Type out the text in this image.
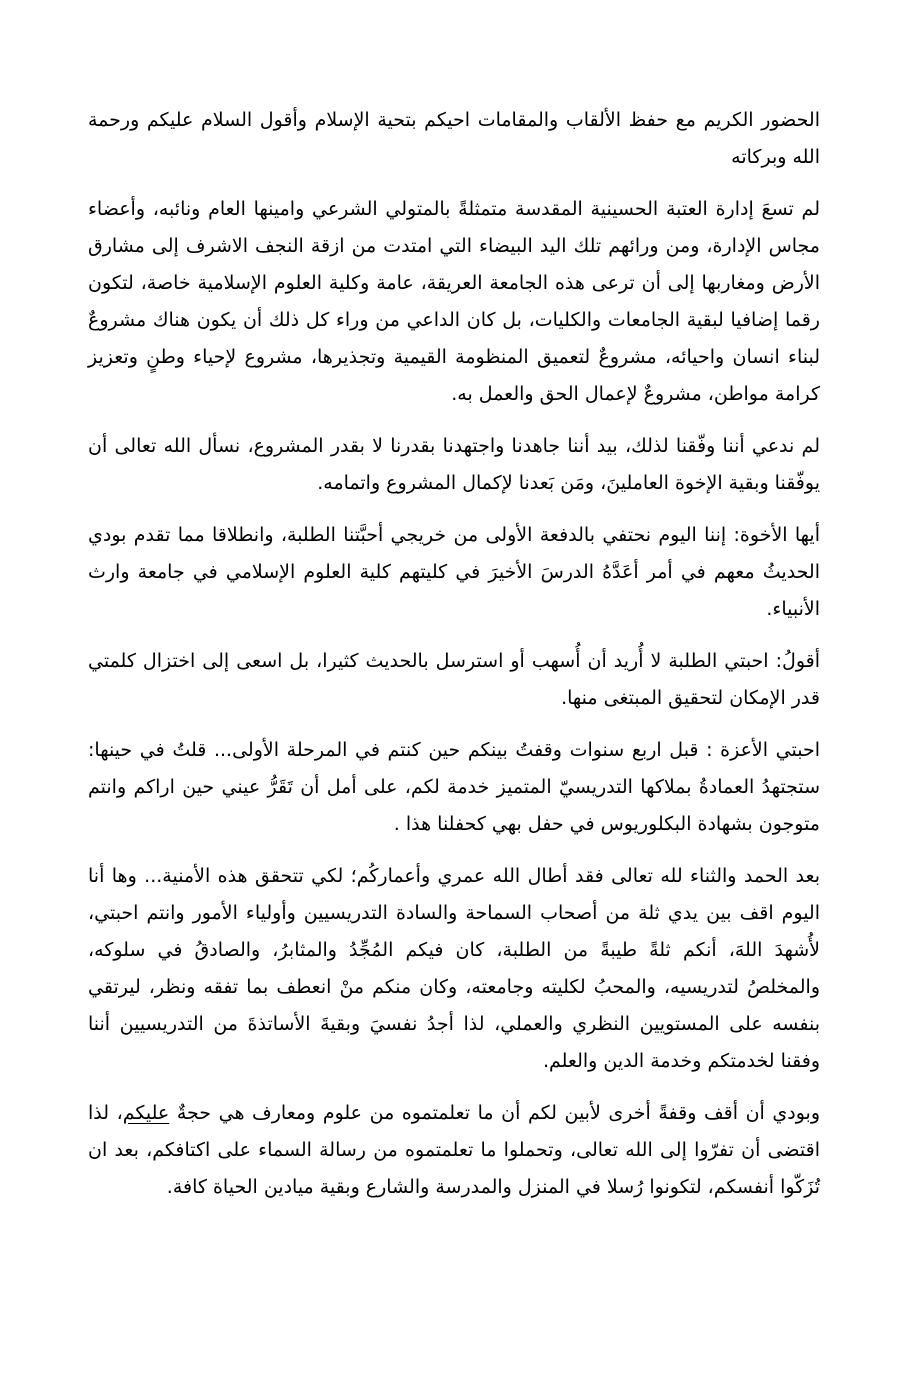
الحضور الكريم مع حفظ الألقاب والمقامات احيكم بتحية الإسلام وأقول السلام عليكم ورحمة الله وبركاته

لم تسعَ إدارة العتبة الحسينية المقدسة متمثلةً بالمتولي الشرعي وامينها العام ونائبه، وأعضاء مجاس الإدارة، ومن ورائهم تلك اليد البيضاء التي امتدت من ازقة النجف الاشرف إلى مشارق الأرض ومغاربها إلى أن ترعى هذه الجامعة العريقة، عامة وكلية العلوم الإسلامية خاصة، لتكون رقما إضافيا لبقية الجامعات والكليات، بل كان الداعي من وراء كل ذلك أن يكون هناك مشروعٌ لبناء انسان واحيائه، مشروعٌ لتعميق المنظومة القيمية وتجذيرها، مشروع لإحياء وطنٍ وتعزيز كرامة مواطن، مشروعٌ لإعمال الحق والعمل به.

لم ندعي أننا وفّقنا لذلك، بيد أننا جاهدنا واجتهدنا بقدرنا لا بقدر المشروع، نسأل الله تعالى أن يوفّقنا وبقية الإخوة العاملينَ، ومَن بَعدنا لإكمال المشروع واتمامه.

أيها الأخوة: إننا اليوم نحتفي بالدفعة الأولى من خريجي أحبَّتنا الطلبة، وانطلاقا مما تقدم بودي الحديثُ معهم في أمر أعَدَّهُ الدرسَ الأخيرَ في كليتهم كلية العلوم الإسلامي في جامعة وارث الأنبياء.

أقولُ: احبتي الطلبة لا أُريد أن أُسهب أو استرسل بالحديث كثيرا، بل اسعى إلى اختزال كلمتي قدر الإمكان لتحقيق المبتغى منها.

احبتي الأعزة : قبل اربع سنوات وقفتُ بينكم حين كنتم في المرحلة الأولى... قلتُ في حينها: ستجتهدُ العمادةُ بملاكها التدريسيّ المتميز خدمة لكم، على أمل أن تَقَرُّ عيني حين اراكم وانتم متوجون بشهادة البكلوريوس في حفل بهي كحفلنا هذا .

بعد الحمد والثناء لله تعالى فقد أطال الله عمري وأعماركُم؛ لكي تتحقق هذه الأمنية... وها أنا اليوم اقف بين يدي ثلة من أصحاب السماحة والسادة التدريسيين وأولياء الأمور وانتم احبتي، لأُشهدَ اللهَ، أنكم ثلةً طيبةً من الطلبة، كان فيكم المُجِّدُ والمثابرُ، والصادقُ في سلوكه، والمخلصُ لتدريسيه، والمحبُ لكليته وجامعته، وكان منكم منْ انعطف بما تفقه ونظر، ليرتقي بنفسه على المستويين النظري والعملي، لذا أجدُ نفسيَ وبقيةَ الأساتذةَ من التدريسيين أننا وفقنا لخدمتكم وخدمة الدين والعلم.

وبودي أن أقف وقفةً أخرى لأبين لكم أن ما تعلمتموه من علوم ومعارف هي حجةٌ عليكم، لذا اقتضى أن تفرّوا إلى الله تعالى، وتحملوا ما تعلمتموه من رسالة السماء على اكتافكم، بعد ان تُزَكّوا أنفسكم، لتكونوا رُسلا في المنزل والمدرسة والشارع وبقية ميادين الحياة كافة.
